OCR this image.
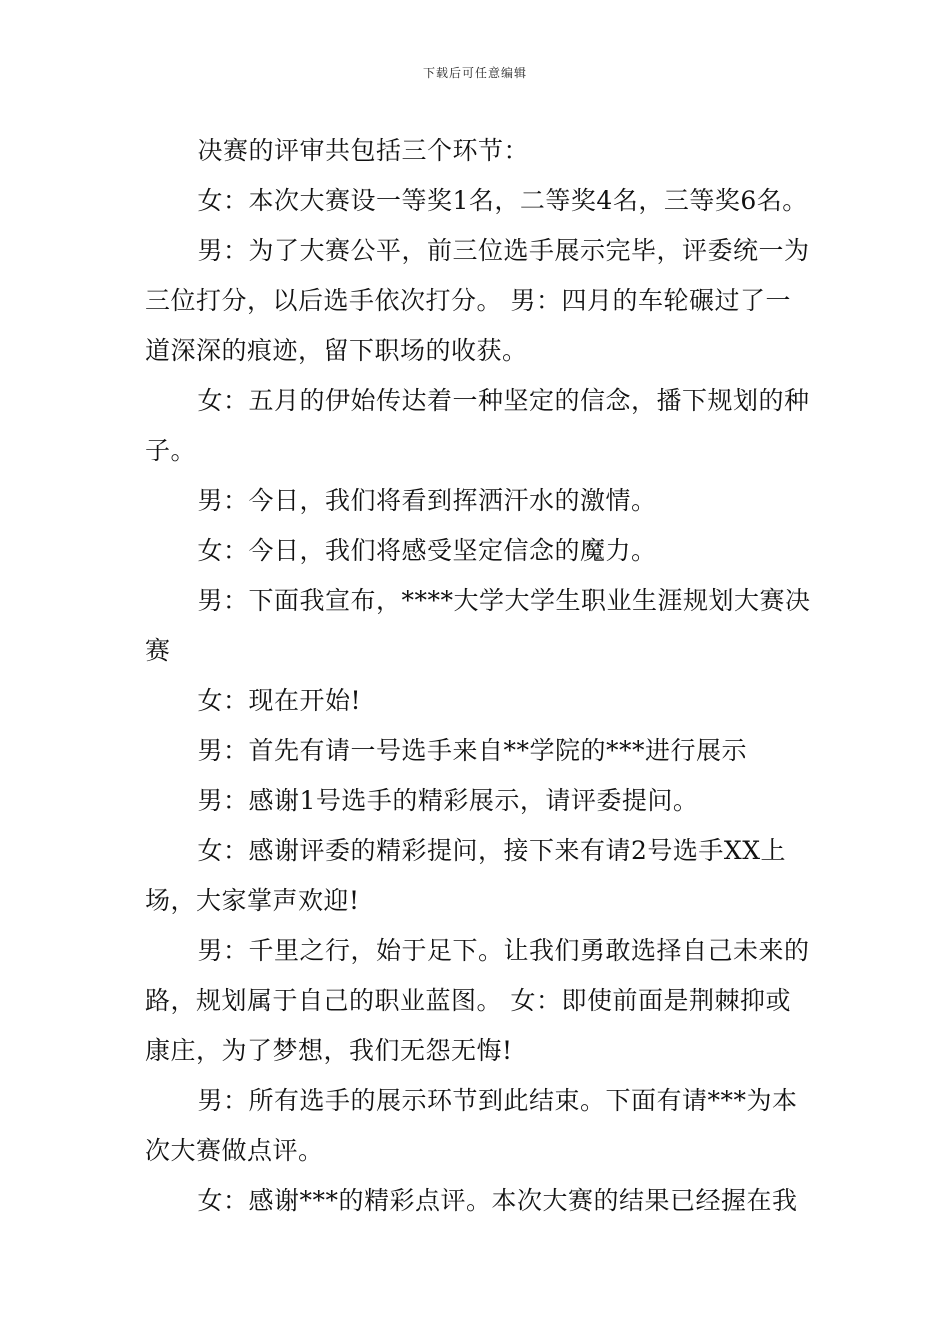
下载后可任意编辑

决赛的评审共包括三个环节：

女：本次大赛设一等奖1名，二等奖4名，三等奖6名。

男：为了大赛公平，前三位选手展示完毕，评委统一为三位打分，以后选手依次打分。 男：四月的车轮碾过了一道深深的痕迹，留下职场的收获。

女：五月的伊始传达着一种坚定的信念，播下规划的种子。

男：今日，我们将看到挥洒汗水的激情。

女：今日，我们将感受坚定信念的魔力。

男：下面我宣布，****大学大学生职业生涯规划大赛决赛

女：现在开始!

男：首先有请一号选手来自**学院的***进行展示

男：感谢1号选手的精彩展示，请评委提问。

女：感谢评委的精彩提问，接下来有请2号选手XX上场，大家掌声欢迎!

男：千里之行，始于足下。让我们勇敢选择自己未来的路，规划属于自己的职业蓝图。 女：即使前面是荆棘抑或康庄，为了梦想，我们无怨无悔!

男：所有选手的展示环节到此结束。下面有请***为本次大赛做点评。

女：感谢***的精彩点评。本次大赛的结果已经握在我
